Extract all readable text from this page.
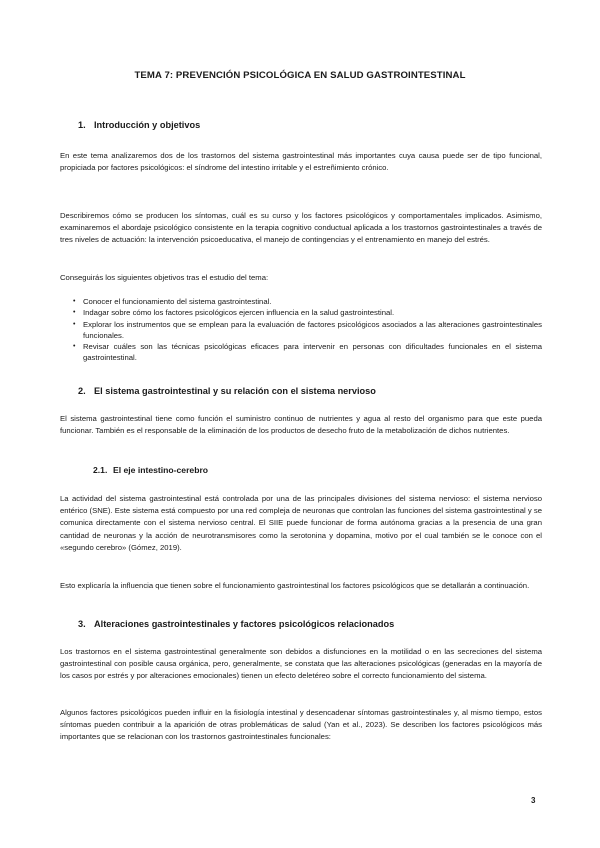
TEMA 7: PREVENCIÓN PSICOLÓGICA EN SALUD GASTROINTESTINAL
1. Introducción y objetivos

En este tema analizaremos dos de los trastornos del sistema gastrointestinal más importantes cuya causa puede ser de tipo funcional, propiciada por factores psicológicos: el síndrome del intestino irritable y el estreñimiento crónico.

Describiremos cómo se producen los síntomas, cuál es su curso y los factores psicológicos y comportamentales implicados. Asimismo, examinaremos el abordaje psicológico consistente en la terapia cognitivo conductual aplicada a los trastornos gastrointestinales a través de tres niveles de actuación: la intervención psicoeducativa, el manejo de contingencias y el entrenamiento en manejo del estrés.

Conseguirás los siguientes objetivos tras el estudio del tema:

• Conocer el funcionamiento del sistema gastrointestinal.
• Indagar sobre cómo los factores psicológicos ejercen influencia en la salud gastrointestinal.
• Explorar los instrumentos que se emplean para la evaluación de factores psicológicos asociados a las alteraciones gastrointestinales funcionales.
• Revisar cuáles son las técnicas psicológicas eficaces para intervenir en personas con dificultades funcionales en el sistema gastrointestinal.
2. El sistema gastrointestinal y su relación con el sistema nervioso

El sistema gastrointestinal tiene como función el suministro continuo de nutrientes y agua al resto del organismo para que este pueda funcionar. También es el responsable de la eliminación de los productos de desecho fruto de la metabolización de dichos nutrientes.

2.1. El eje intestino-cerebro

La actividad del sistema gastrointestinal está controlada por una de las principales divisiones del sistema nervioso: el sistema nervioso entérico (SNE). Este sistema está compuesto por una red compleja de neuronas que controlan las funciones del sistema gastrointestinal y se comunica directamente con el sistema nervioso central. El SIIE puede funcionar de forma autónoma gracias a la presencia de una gran cantidad de neuronas y la acción de neurotransmisores como la serotonina y dopamina, motivo por el cual también se le conoce con el «segundo cerebro» (Gómez, 2019).

Esto explicaría la influencia que tienen sobre el funcionamiento gastrointestinal los factores psicológicos que se detallarán a continuación.

3. Alteraciones gastrointestinales y factores psicológicos relacionados

Los trastornos en el sistema gastrointestinal generalmente son debidos a disfunciones en la motilidad o en las secreciones del sistema gastrointestinal con posible causa orgánica, pero, generalmente, se constata que las alteraciones psicológicas (generadas en la mayoría de los casos por estrés y por alteraciones emocionales) tienen un efecto deletéreo sobre el correcto funcionamiento del sistema.

Algunos factores psicológicos pueden influir en la fisiología intestinal y desencadenar síntomas gastrointestinales y, al mismo tiempo, estos síntomas pueden contribuir a la aparición de otras problemáticas de salud (Yan et al., 2023). Se describen los factores psicológicos más importantes que se relacionan con los trastornos gastrointestinales funcionales:

3
